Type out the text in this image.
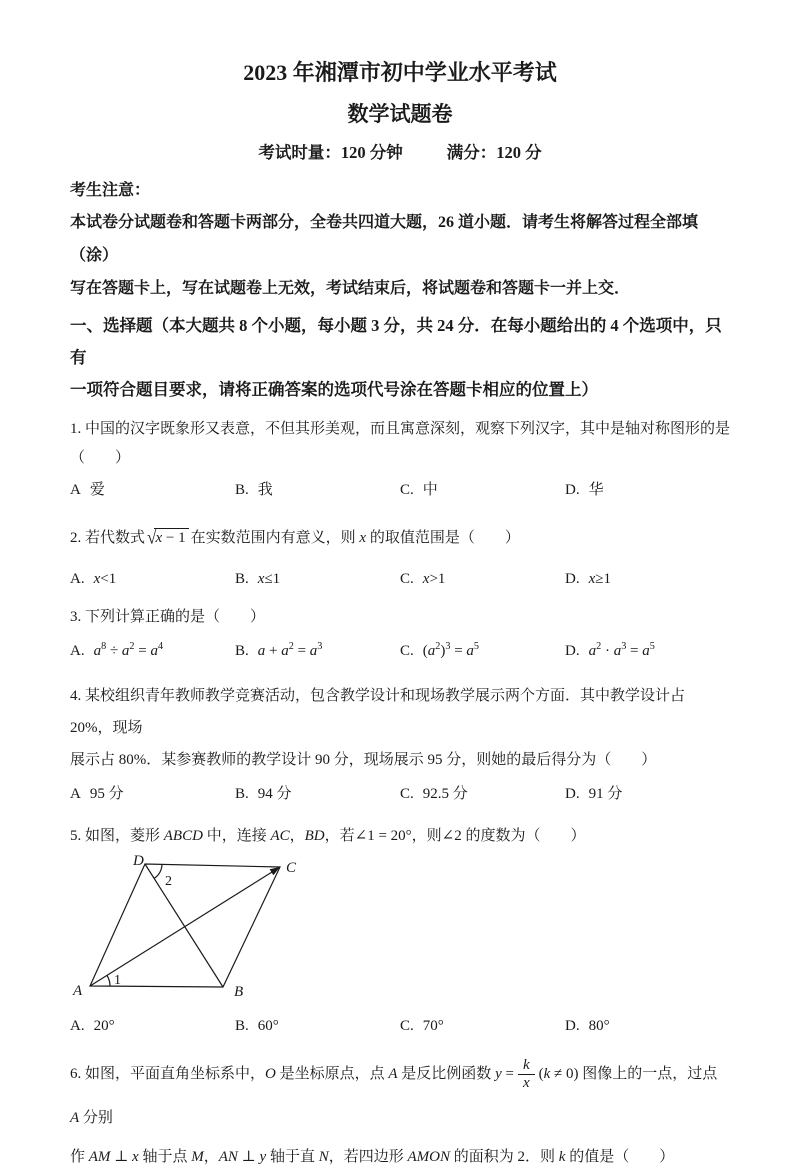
2023 年湘潭市初中学业水平考试
数学试题卷
考试时量：120 分钟	满分：120 分
考生注意：
本试卷分试题卷和答题卡两部分，全卷共四道大题，26 道小题．请考生将解答过程全部填（涂）
写在答题卡上，写在试题卷上无效，考试结束后，将试题卷和答题卡一并上交．
一、选择题（本大题共 8 个小题，每小题 3 分，共 24 分．在每小题给出的 4 个选项中，只有
一项符合题目要求，请将正确答案的选项代号涂在答题卡相应的位置上）
1. 中国的汉字既象形又表意，不但其形美观，而且寓意深刻，观察下列汉字，其中是轴对称图形的是（　　）
A 爱	B. 我	C. 中	D. 华
2. 若代数式 √x − 1 在实数范围内有意义，则 x 的取值范围是（　　）
A. x<1	B. x≤1	C. x>1	D. x≥1
3. 下列计算正确的是（　　）
A. $a^8 \div a^2 = a^4$	B. $a + a^2 = a^3$	C. $(a^2)^3 = a^5$	D. $a^2 \cdot a^3 = a^5$
4. 某校组织青年教师教学竞赛活动，包含教学设计和现场教学展示两个方面．其中教学设计占 20%，现场
展示占 80%．某参赛教师的教学设计 90 分，现场展示 95 分，则她的最后得分为（　　）
A 95 分	B. 94 分	C. 92.5 分	D. 91 分
5. 如图，菱形 ABCD 中，连接 AC，BD，若∠1 = 20°，则∠2 的度数为（　　）
A	B
C
D
1
2
A. 20°	B. 60°	C. 70°	D. 80°
6. 如图，平面直角坐标系中，O 是坐标原点，点 A 是反比例函数 $y = \frac{k}{x} (k \ne 0)$ 图像上的一点，过点 A 分别
作 AM ⊥ x 轴于点 M，AN ⊥ y 轴于直 N，若四边形 AMON 的面积为 2．则 k 的值是（　　）
